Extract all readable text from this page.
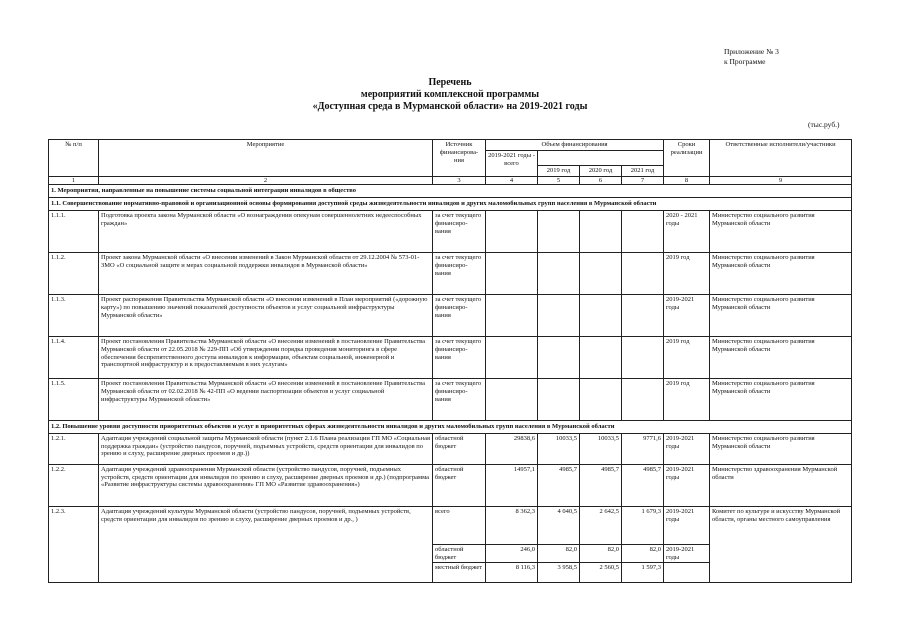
Приложение № 3
к Программе
Перечень
мероприятий комплексной программы
«Доступная среда в Мурманской области» на 2019-2021 годы
(тыс.руб.)
№ п/п	Мероприятие	Источник финансирова-ния	Объем финансирования				Сроки реализации	Ответственные исполнители/участники
			2019-2021 годы - всего					
				2019 год	2020 год	2021 год		
1	2	3	4	5	6	7	8	9
1. Мероприятия, направленные на повышение системы социальной интеграции инвалидов в общество								
1.1. Совершенствование нормативно-правовой и организационной основы формирования доступной среды жизнедеятельности инвалидов и других маломобильных групп населения в Мурманской области								
1.1.1.	Подготовка проекта закона Мурманской области «О вознаграждении опекунам совершеннолетних недееспособных граждан»	за счет текущего финансиро-вания					2020 - 2021 годы	Министерство социального развития Мурманской области
1.1.2.	Проект закона Мурманской области «О внесении изменений в Закон Мурманской области от 29.12.2004 № 573-01-ЗМО «О социальной защите и мерах социальной поддержки инвалидов в Мурманской области»	за счет текущего финансиро-вания					2019 год	Министерство социального развития Мурманской области
1.1.3.	Проект распоряжения Правительства Мурманской области «О внесении изменений в План мероприятий («дорожную карту») по повышению значений показателей доступности объектов и услуг социальной инфраструктуры Мурманской области»	за счет текущего финансиро-вания					2019-2021 годы	Министерство социального развития Мурманской области
1.1.4.	Проект постановления Правительства Мурманской области «О внесении изменений в постановление Правительства Мурманской области от 22.05.2018 № 229-ПП «Об утверждении порядка проведения мониторинга в сфере обеспечения беспрепятственного доступа инвалидов к информации, объектам социальной, инженерной и транспортной инфраструктур и к предоставляемым в них услугам»	за счет текущего финансиро-вания					2019 год	Министерство социального развития Мурманской области
1.1.5.	Проект постановления Правительства Мурманской области «О внесении изменений в постановление Правительства Мурманской области от 02.02.2018 № 42-ПП «О ведении паспортизации объектов и услуг социальной инфраструктуры Мурманской области»	за счет текущего финансиро-вания					2019 год	Министерство социального развития Мурманской области
1.2. Повышение уровня доступности приоритетных объектов и услуг в приоритетных сферах жизнедеятельности инвалидов и других маломобильных групп населения в Мурманской области								
1.2.1.	Адаптация учреждений социальной защиты Мурманской области (пункт 2.1.6 Плана реализации ГП МО «Социальная поддержка граждан» (устройство пандусов, поручней, подъемных устройств, средств ориентации для инвалидов по зрению и слуху, расширение дверных проемов и др.))	областной бюджет	29838,6	10033,5	10033,5	9771,6	2019-2021 годы	Министерство социального развития Мурманской области
1.2.2.	Адаптация учреждений здравоохранения Мурманской области (устройство пандусов, поручней, подъемных устройств, средств ориентации для инвалидов по зрению и слуху, расширение дверных проемов и др.) (подпрограмма «Развитие инфраструктуры системы здравоохранения» ГП МО «Развитие здравоохранения»)	областной бюджет	14957,1	4985,7	4985,7	4985,7	2019-2021 годы	Министерство здравоохранения Мурманской области
1.2.3.	Адаптация учреждений культуры Мурманской области (устройство пандусов, поручней, подъемных устройств, средств ориентации для инвалидов по зрению и слуху, расширение дверных проемов и др., )	всего	8 362,3	4 040,5	2 642,5	1 679,3	2019-2021 годы	Комитет по культуре и искусству Мурманской области, органы местного самоуправления
		областной бюджет	246,0	82,0	82,0	82,0	2019-2021 годы	
		местный бюджет	8 116,3	3 958,5	2 560,5	1 597,3		
